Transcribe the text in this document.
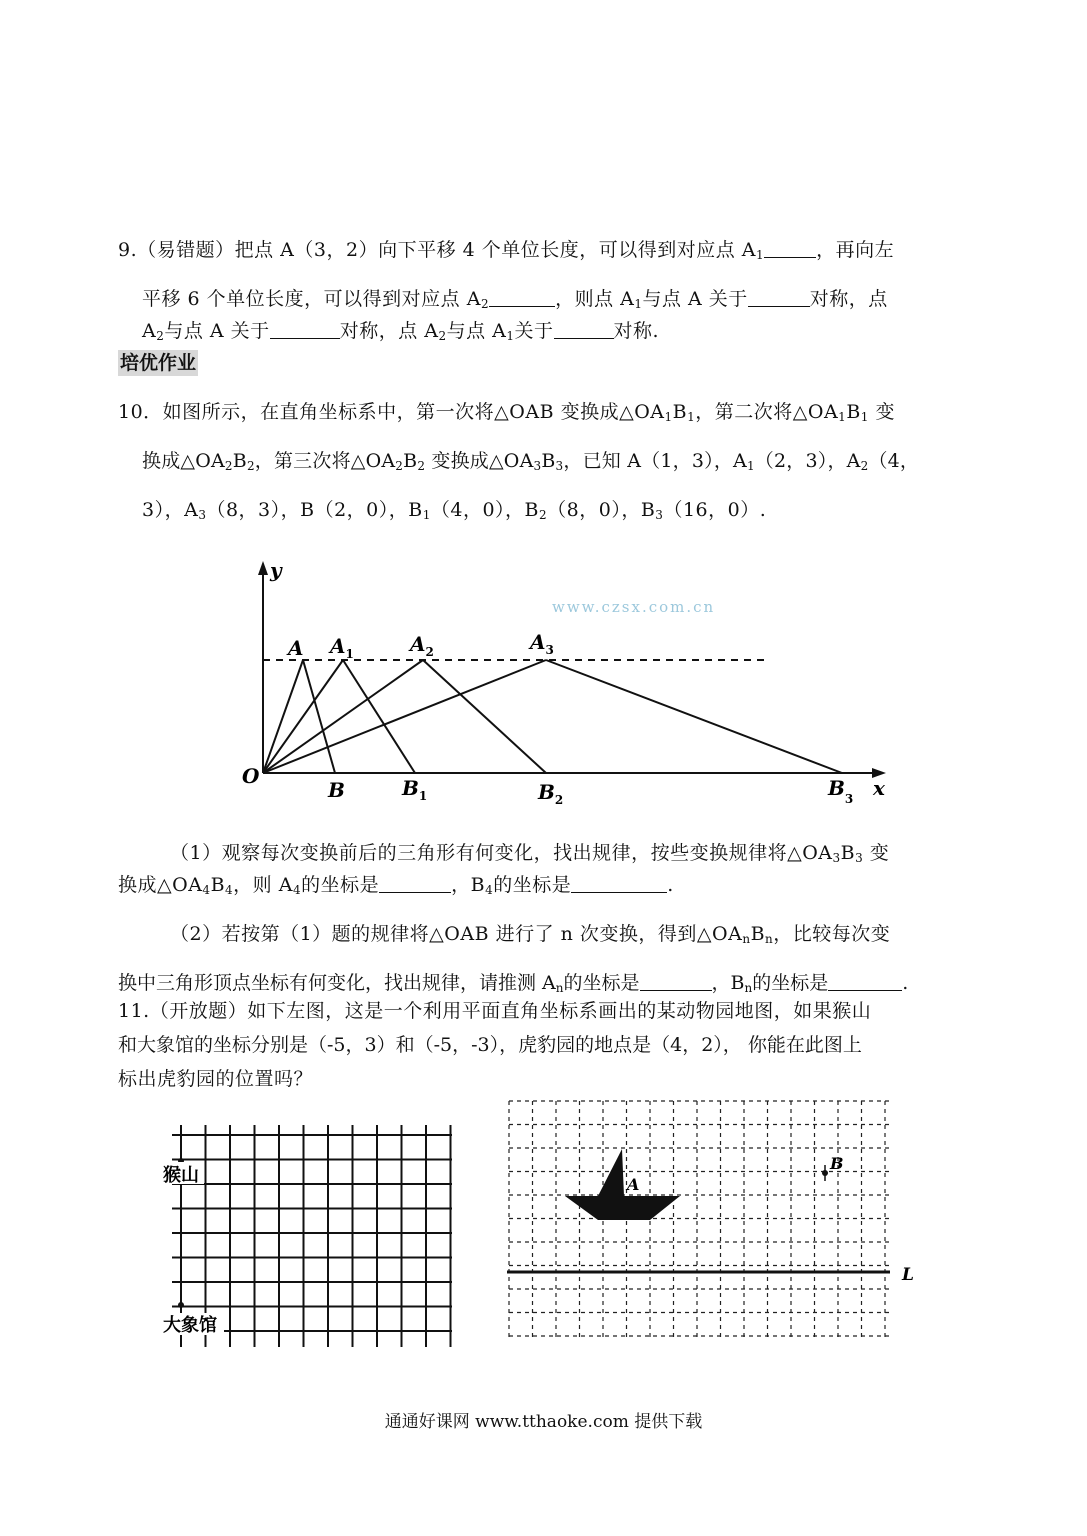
9.（易错题）把点 A（3，2）向下平移 4 个单位长度，可以得到对应点 $A_1$	，再向左
平移 6 个单位长度，可以得到对应点 $A_2$	，则点 $A_1$与点 A 关于	对称，点
$A_2$与点 A 关于	对称，点 $A_2$与点 $A_1$关于	对称.
培优作业
10．如图所示，在直角坐标系中，第一次将△OAB 变换成$\triangle OA_1B_1$，第二次将$\triangle OA_1B_1$ 变
换成$\triangle OA_2B_2$，第三次将$\triangle OA_2B_2$ 变换成$\triangle OA_3B_3$，已知 A（1，3），$A_1(2$，3），$A_2(4$，
3），$A_3(8$，3），B（2，0），$B_1(4$，0），$B_2(8$，0），$B_3(16$，0）.
www.czsx.com.cn
y
x
O
A $A_1$	$A_2$	$A_3$
B	$B_1$	$B_2$	$B_3$
（1）观察每次变换前后的三角形有何变化，找出规律，按些变换规律将$\triangle OA_3B_3$ 变
换成$\triangle OA_4B_4$，则 $A_4$的坐标是	，$B_4$的坐标是	.
（2）若按第（1）题的规律将△OAB 进行了 n 次变换，得到$\triangle OA_nB_n$，比较每次变
换中三角形顶点坐标有何变化，找出规律，请推测 $A_n$的坐标是	，$B_n$的坐标是	.
11.（开放题）如下左图，这是一个利用平面直角坐标系画出的某动物园地图，如果猴山
和大象馆的坐标分别是（-5，3）和（-5，-3），虎豹园的地点是（4，2）， 你能在此图上
标出虎豹园的位置吗？
猴山
大象馆
L
A
B
通通好课网 www.tthaoke.com 提供下载
